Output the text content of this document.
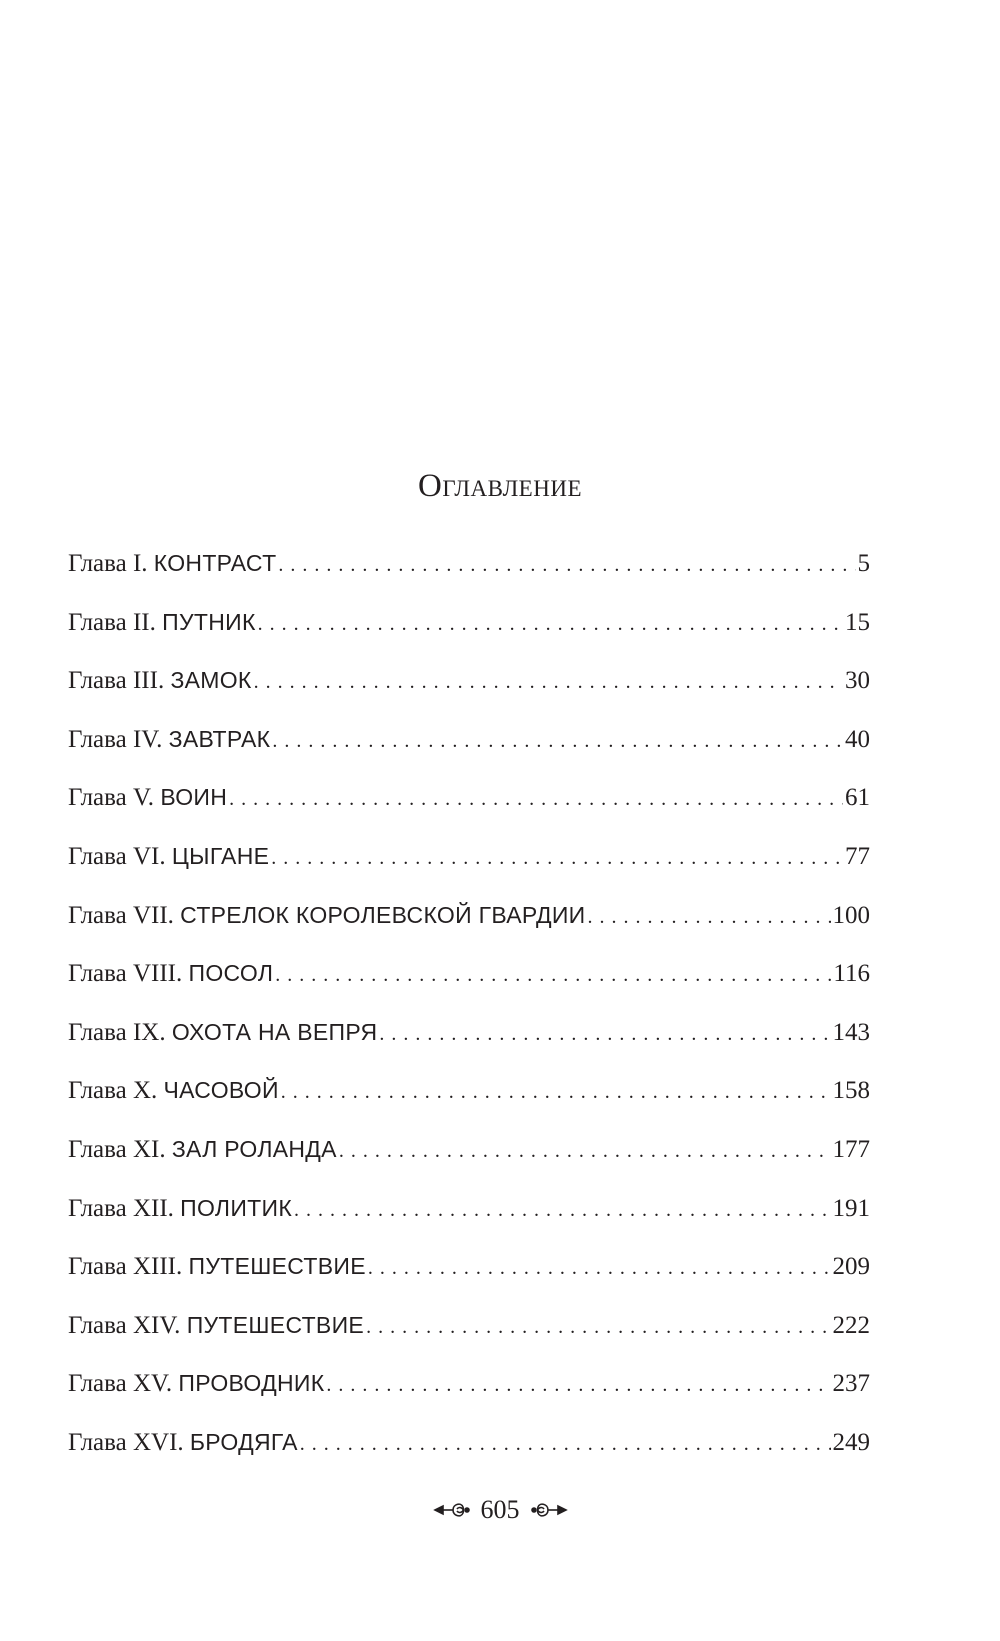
Оглавление
Глава I. КОНТРАСТ .....	5
Глава II. ПУТНИК .....	15
Глава III. ЗАМОК .....	30
Глава IV. ЗАВТРАК .....	40
Глава V. ВОИН .....	61
Глава VI. ЦЫГАНЕ .....	77
Глава VII. СТРЕЛОК КОРОЛЕВСКОЙ ГВАРДИИ .....	100
Глава VIII. ПОСОЛ .....	116
Глава IX. ОХОТА НА ВЕПРЯ .....	143
Глава X. ЧАСОВОЙ .....	158
Глава XI. ЗАЛ РОЛАНДА .....	177
Глава XII. ПОЛИТИК .....	191
Глава XIII. ПУТЕШЕСТВИЕ .....	209
Глава XIV. ПУТЕШЕСТВИЕ .....	222
Глава XV. ПРОВОДНИК .....	237
Глава XVI. БРОДЯГА .....	249
605
